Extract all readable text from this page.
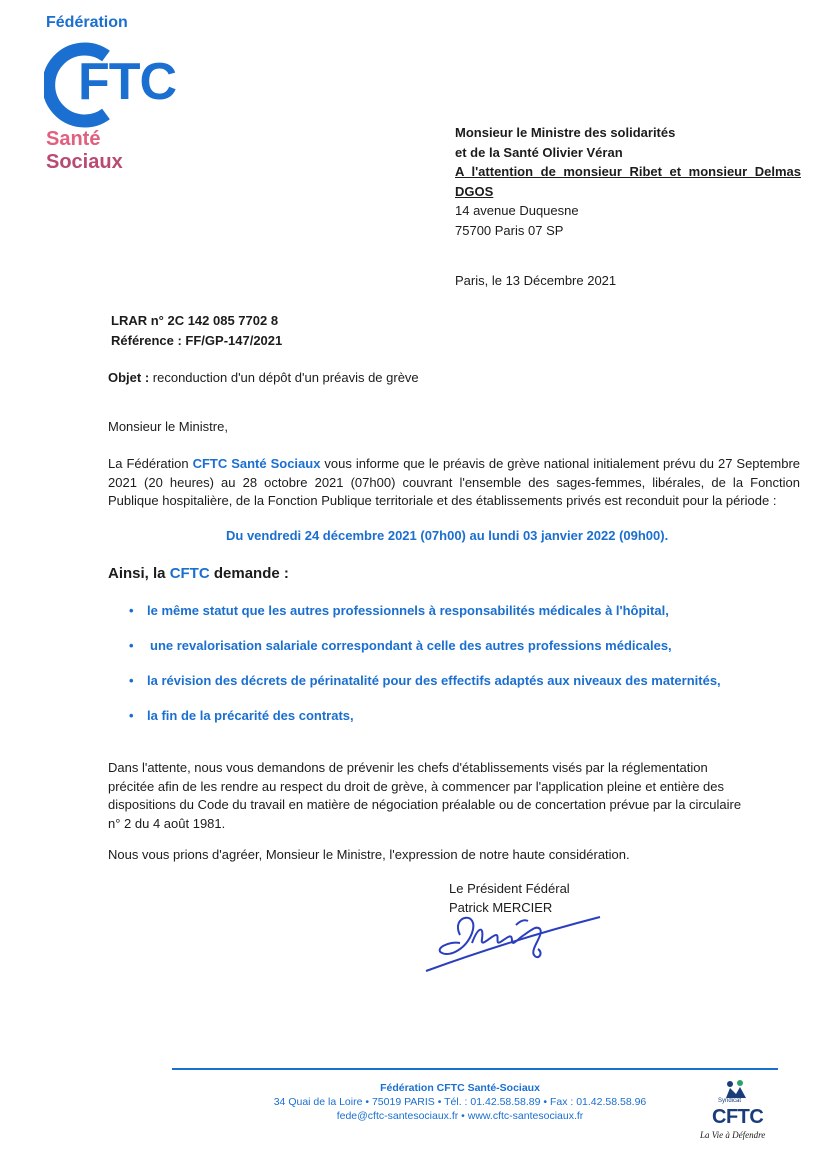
Fédération
FTC
Santé
Sociaux
Monsieur le Ministre des solidarités
et de la Santé Olivier Véran
A l'attention de monsieur Ribet et monsieur Delmas
DGOS
14 avenue Duquesne
75700 Paris 07 SP
Paris, le 13 Décembre 2021
LRAR n° 2C 142 085 7702 8
Référence : FF/GP-147/2021
Objet : reconduction d'un dépôt d'un préavis de grève
Monsieur le Ministre,
La Fédération CFTC Santé Sociaux vous informe que le préavis de grève national initialement prévu du 27 Septembre 2021 (20 heures) au 28 octobre 2021 (07h00) couvrant l'ensemble des sages-femmes, libérales, de la Fonction Publique hospitalière, de la Fonction Publique territoriale et des établissements privés est reconduit pour la période :
Du vendredi 24 décembre 2021 (07h00) au lundi 03 janvier 2022 (09h00).
Ainsi, la CFTC demande :
• le même statut que les autres professionnels à responsabilités médicales à l'hôpital,
• une revalorisation salariale correspondant à celle des autres professions médicales,
• la révision des décrets de périnatalité pour des effectifs adaptés aux niveaux des maternités,
• la fin de la précarité des contrats,
Dans l'attente, nous vous demandons de prévenir les chefs d'établissements visés par la réglementation précitée afin de les rendre au respect du droit de grève, à commencer par l'application pleine et entière des dispositions du Code du travail en matière de négociation préalable ou de concertation prévue par la circulaire n° 2 du 4 août 1981.
Nous vous prions d'agréer, Monsieur le Ministre, l'expression de notre haute considération.
Le Président Fédéral
Patrick MERCIER
Fédération CFTC Santé-Sociaux
34 Quai de la Loire • 75019 PARIS • Tél. : 01.42.58.58.89 • Fax : 01.42.58.58.96
fede@cftc-santesociaux.fr • www.cftc-santesociaux.fr
Syndicat
CFTC
La Vie à Défendre
